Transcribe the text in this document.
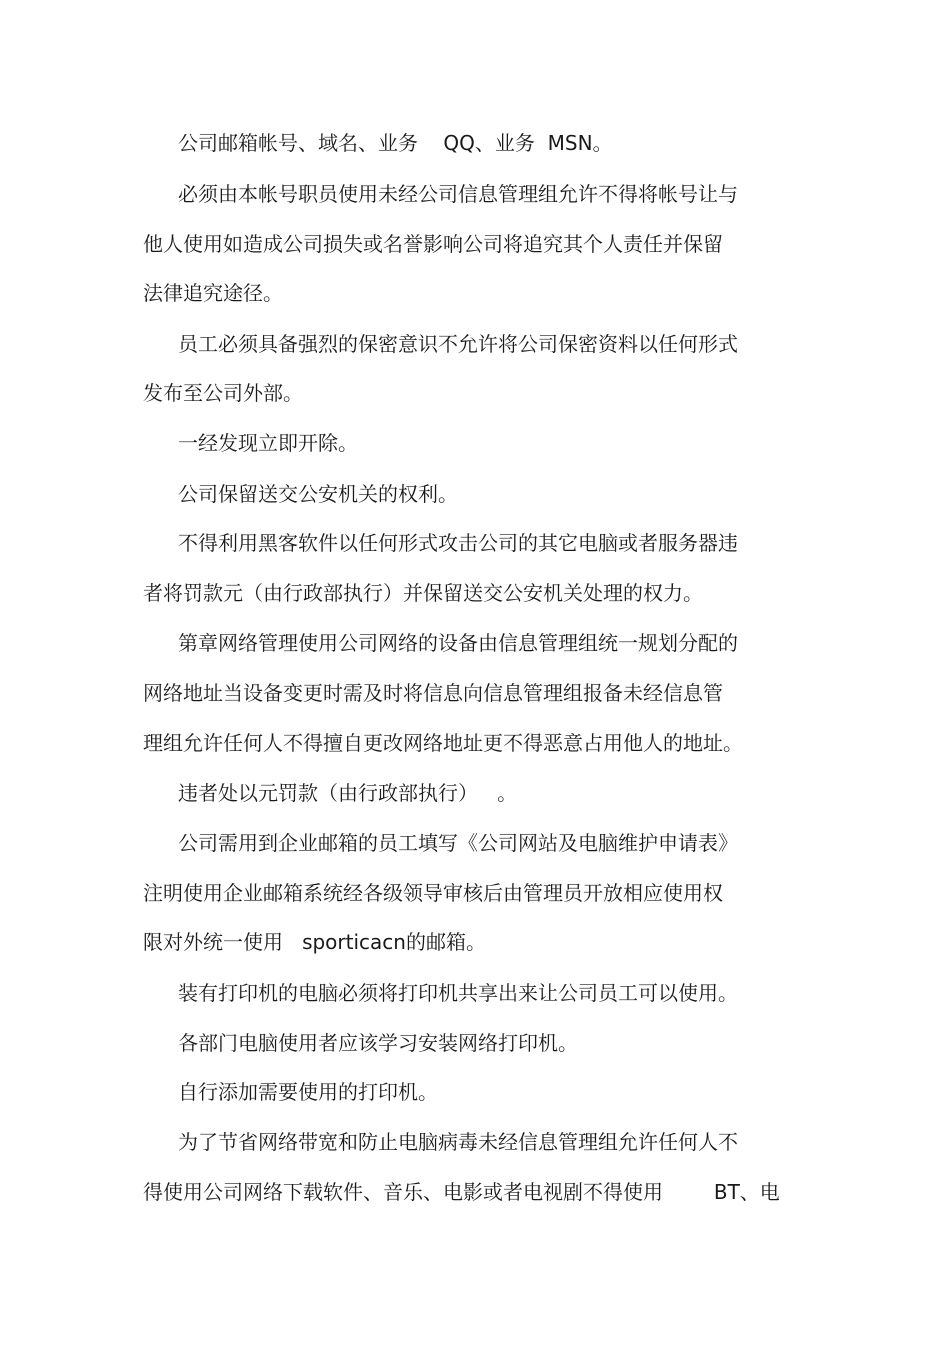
公司邮箱帐号、域名、业务    QQ、业务  MSN。
必须由本帐号职员使用未经公司信息管理组允许不得将帐号让与
他人使用如造成公司损失或名誉影响公司将追究其个人责任并保留
法律追究途径。
员工必须具备强烈的保密意识不允许将公司保密资料以任何形式
发布至公司外部。
一经发现立即开除。
公司保留送交公安机关的权利。
不得利用黑客软件以任何形式攻击公司的其它电脑或者服务器违
者将罚款元（由行政部执行）并保留送交公安机关处理的权力。
第章网络管理使用公司网络的设备由信息管理组统一规划分配的
网络地址当设备变更时需及时将信息向信息管理组报备未经信息管
理组允许任何人不得擅自更改网络地址更不得恶意占用他人的地址。
违者处以元罚款（由行政部执行）   。
公司需用到企业邮箱的员工填写《公司网站及电脑维护申请表》
注明使用企业邮箱系统经各级领导审核后由管理员开放相应使用权
限对外统一使用   sporticacn的邮箱。
装有打印机的电脑必须将打印机共享出来让公司员工可以使用。
各部门电脑使用者应该学习安装网络打印机。
自行添加需要使用的打印机。
为了节省网络带宽和防止电脑病毒未经信息管理组允许任何人不
得使用公司网络下载软件、音乐、电影或者电视剧不得使用        BT、电
